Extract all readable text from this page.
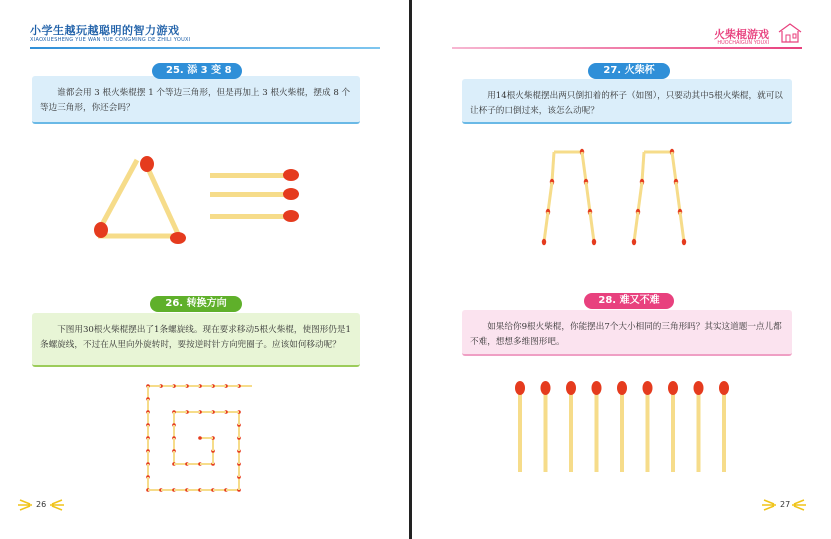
小学生越玩越聪明的智力游戏
XIAOXUESHENG YUE WAN YUE CONGMING DE ZHILI YOUXI
谁都会用 3 根火柴棍摆 1 个等边三角形，但是再加上 3 根火柴棍，摆成 8 个等边三角形，你还会吗？
25. 添 3 变 8
下图用30根火柴棍摆出了1条螺旋线。现在要求移动5根火柴棍，使图形仍是1条螺旋线，不过在从里向外旋转时，要按逆时针方向兜圈子。应该如何移动呢？
26. 转换方向
26
火柴棍游戏
HUOCHAIGUN YOUXI
用14根火柴棍摆出两只倒扣着的杯子（如图），只要动其中5根火柴棍，就可以让杯子的口倒过来，该怎么动呢？
27. 火柴杯
如果给你9根火柴棍，你能摆出7个大小相同的三角形吗？其实这道题一点儿都不难，想想多维图形吧。
28. 难又不难
27
